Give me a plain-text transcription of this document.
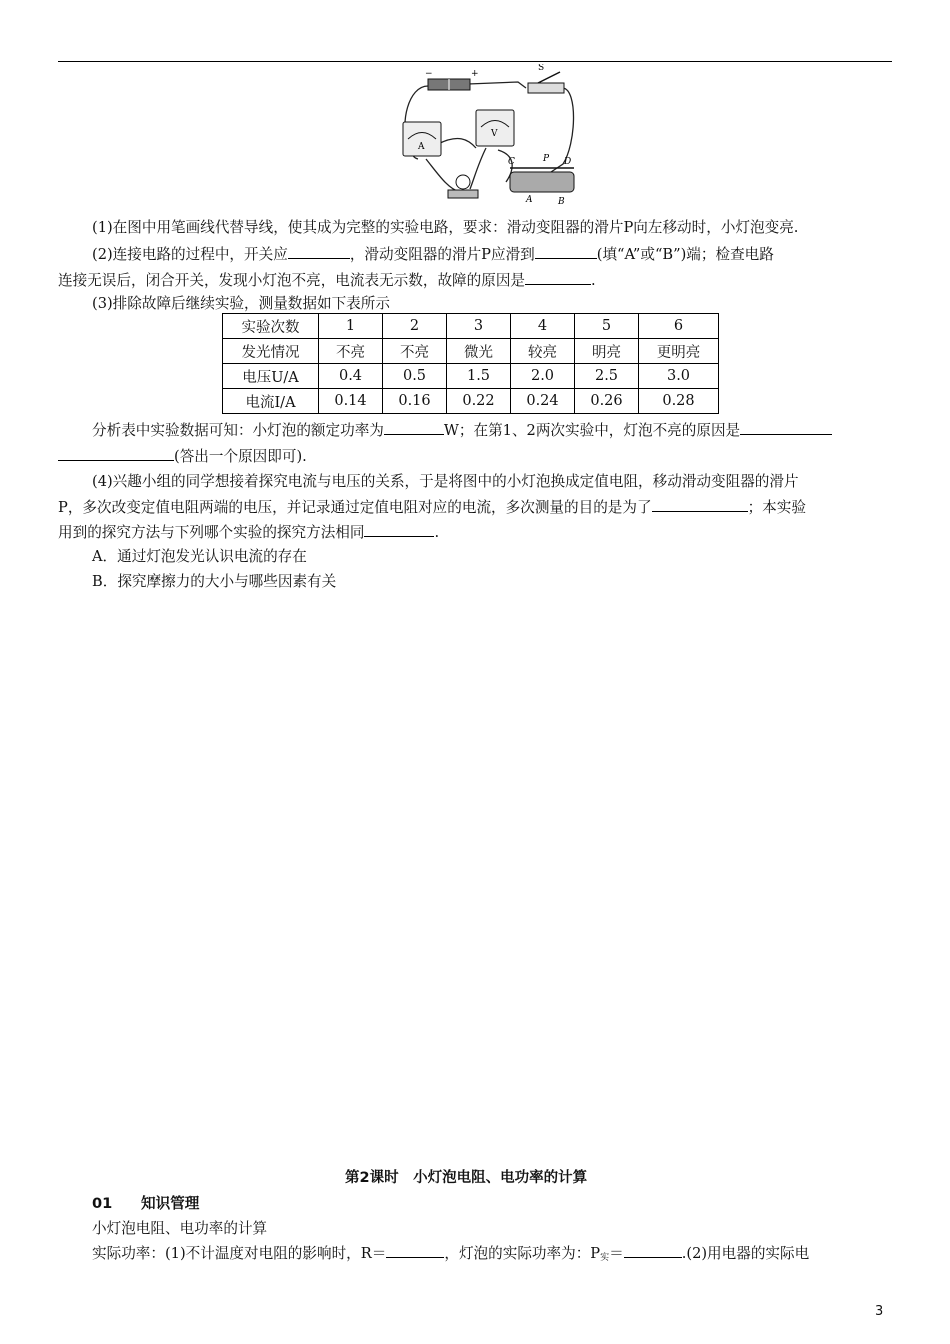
−	+
S
A
V
C	P D
A	B
(1)在图中用笔画线代替导线，使其成为完整的实验电路，要求：滑动变阻器的滑片P向左移动时，小灯泡变亮.
(2)连接电路的过程中，开关应	，滑动变阻器的滑片P应滑到	(填“A”或“B”)端；检查电路
连接无误后，闭合开关，发现小灯泡不亮，电流表无示数，故障的原因是	.
(3)排除故障后继续实验，测量数据如下表所示
实验次数	1	2	3	4	5	6
发光情况	不亮	不亮	微光	较亮	明亮	更明亮
电压U/A	0.4	0.5	1.5	2.0	2.5	3.0
电流I/A	0.14	0.16	0.22	0.24	0.26	0.28
分析表中实验数据可知：小灯泡的额定功率为	W；在第1、2两次实验中，灯泡不亮的原因是
(答出一个原因即可).
(4)兴趣小组的同学想接着探究电流与电压的关系，于是将图中的小灯泡换成定值电阻，移动滑动变阻器的滑片
P，多次改变定值电阻两端的电压，并记录通过定值电阻对应的电流，多次测量的目的是为了	；本实验
用到的探究方法与下列哪个实验的探究方法相同	.
A．通过灯泡发光认识电流的存在
B．探究摩擦力的大小与哪些因素有关
第2课时　小灯泡电阻、电功率的计算
01 知识管理
小灯泡电阻、电功率的计算
实际功率：(1)不计温度对电阻的影响时，R＝	，灯泡的实际功率为：$P_实=$	.(2)用电器的实际电
3
